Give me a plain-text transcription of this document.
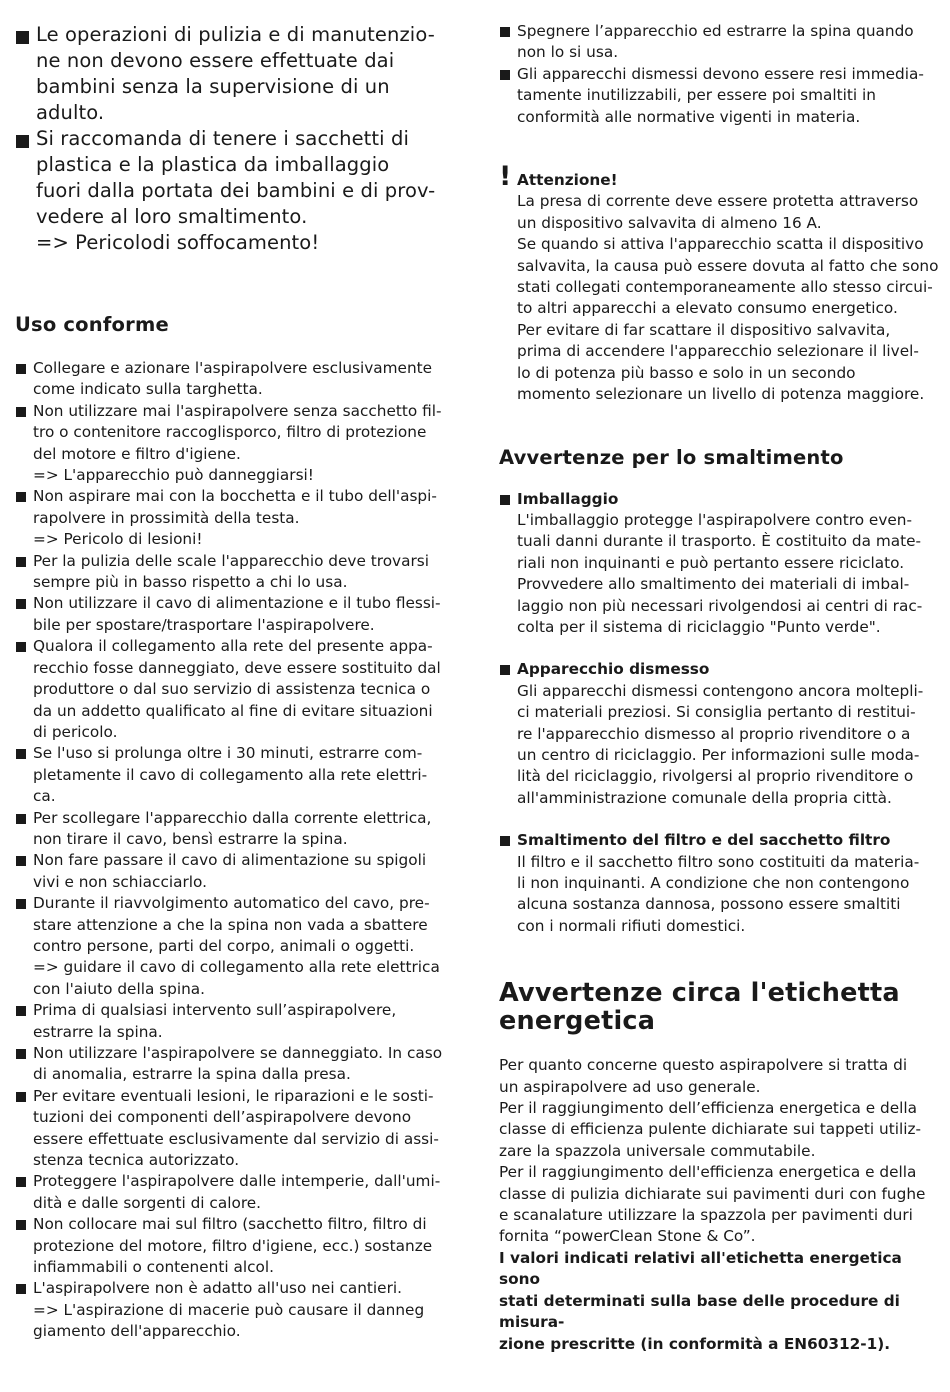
Le operazioni di pulizia e di manutenzio-
ne non devono essere effettuate dai
bambini senza la supervisione di un
adulto.
Si raccomanda di tenere i sacchetti di
plastica e la plastica da imballaggio
fuori dalla portata dei bambini e di prov-
vedere al loro smaltimento.
=> Pericolodi soffocamento!
Uso conforme
Collegare e azionare l'aspirapolvere esclusivamente
come indicato sulla targhetta.
Non utilizzare mai l'aspirapolvere senza sacchetto fil-
tro o contenitore raccoglisporco, filtro di protezione
del motore e filtro d'igiene.
=> L'apparecchio può danneggiarsi!
Non aspirare mai con la bocchetta e il tubo dell'aspi-
rapolvere in prossimità della testa.
=> Pericolo di lesioni!
Per la pulizia delle scale l'apparecchio deve trovarsi
sempre più in basso rispetto a chi lo usa.
Non utilizzare il cavo di alimentazione e il tubo flessi-
bile per spostare/trasportare l'aspirapolvere.
Qualora il collegamento alla rete del presente appa-
recchio fosse danneggiato, deve essere sostituito dal
produttore o dal suo servizio di assistenza tecnica o
da un addetto qualificato al fine di evitare situazioni
di pericolo.
Se l'uso si prolunga oltre i 30 minuti, estrarre com-
pletamente il cavo di collegamento alla rete elettri-
ca.
Per scollegare l'apparecchio dalla corrente elettrica,
non tirare il cavo, bensì estrarre la spina.
Non fare passare il cavo di alimentazione su spigoli
vivi e non schiacciarlo.
Durante il riavvolgimento automatico del cavo, pre-
stare attenzione a che la spina non vada a sbattere
contro persone, parti del corpo, animali o oggetti.
=> guidare il cavo di collegamento alla rete elettrica
con l'aiuto della spina.
Prima di qualsiasi intervento sull’aspirapolvere,
estrarre la spina.
Non utilizzare l'aspirapolvere se danneggiato. In caso
di anomalia, estrarre la spina dalla presa.
Per evitare eventuali lesioni, le riparazioni e le sosti-
tuzioni dei componenti dell’aspirapolvere devono
essere effettuate esclusivamente dal servizio di assi-
stenza tecnica autorizzato.
Proteggere l'aspirapolvere dalle intemperie, dall'umi-
dità e dalle sorgenti di calore.
Non collocare mai sul filtro (sacchetto filtro, filtro di
protezione del motore, filtro d'igiene, ecc.) sostanze
infiammabili o contenenti alcol.
L'aspirapolvere non è adatto all'uso nei cantieri.
=> L'aspirazione di macerie può causare il danneg
giamento dell'apparecchio.
Spegnere l’apparecchio ed estrarre la spina quando
non lo si usa.
Gli apparecchi dismessi devono essere resi immedia-
tamente inutilizzabili, per essere poi smaltiti in
conformità alle normative vigenti in materia.
! Attenzione!
La presa di corrente deve essere protetta attraverso
un dispositivo salvavita di almeno 16 A.
Se quando si attiva l'apparecchio scatta il dispositivo
salvavita, la causa può essere dovuta al fatto che sono
stati collegati contemporaneamente allo stesso circui-
to altri apparecchi a elevato consumo energetico.
Per evitare di far scattare il dispositivo salvavita,
prima di accendere l'apparecchio selezionare il livel-
lo di potenza più basso e solo in un secondo
momento selezionare un livello di potenza maggiore.
Avvertenze per lo smaltimento
Imballaggio
L'imballaggio protegge l'aspirapolvere contro even-
tuali danni durante il trasporto. È costituito da mate-
riali non inquinanti e può pertanto essere riciclato.
Provvedere allo smaltimento dei materiali di imbal-
laggio non più necessari rivolgendosi ai centri di rac-
colta per il sistema di riciclaggio "Punto verde".
Apparecchio dismesso
Gli apparecchi dismessi contengono ancora moltepli-
ci materiali preziosi. Si consiglia pertanto di restitui-
re l'apparecchio dismesso al proprio rivenditore o a
un centro di riciclaggio. Per informazioni sulle moda-
lità del riciclaggio, rivolgersi al proprio rivenditore o
all'amministrazione comunale della propria città.
Smaltimento del filtro e del sacchetto filtro
Il filtro e il sacchetto filtro sono costituiti da materia-
li non inquinanti. A condizione che non contengono
alcuna sostanza dannosa, possono essere smaltiti
con i normali rifiuti domestici.
Avvertenze circa l'etichetta energetica

Per quanto concerne questo aspirapolvere si tratta di
un aspirapolvere ad uso generale.

Per il raggiungimento dell’efficienza energetica e della
classe di efficienza pulente dichiarate sui tappeti utiliz-
zare la spazzola universale commutabile.

Per il raggiungimento dell'efficienza energetica e della
classe di pulizia dichiarate sui pavimenti duri con fughe
e scanalature utilizzare la spazzola per pavimenti duri
fornita “powerClean Stone & Co”.

I valori indicati relativi all'etichetta energetica sono
stati determinati sulla base delle procedure di misura-
zione prescritte (in conformità a EN60312-1).
